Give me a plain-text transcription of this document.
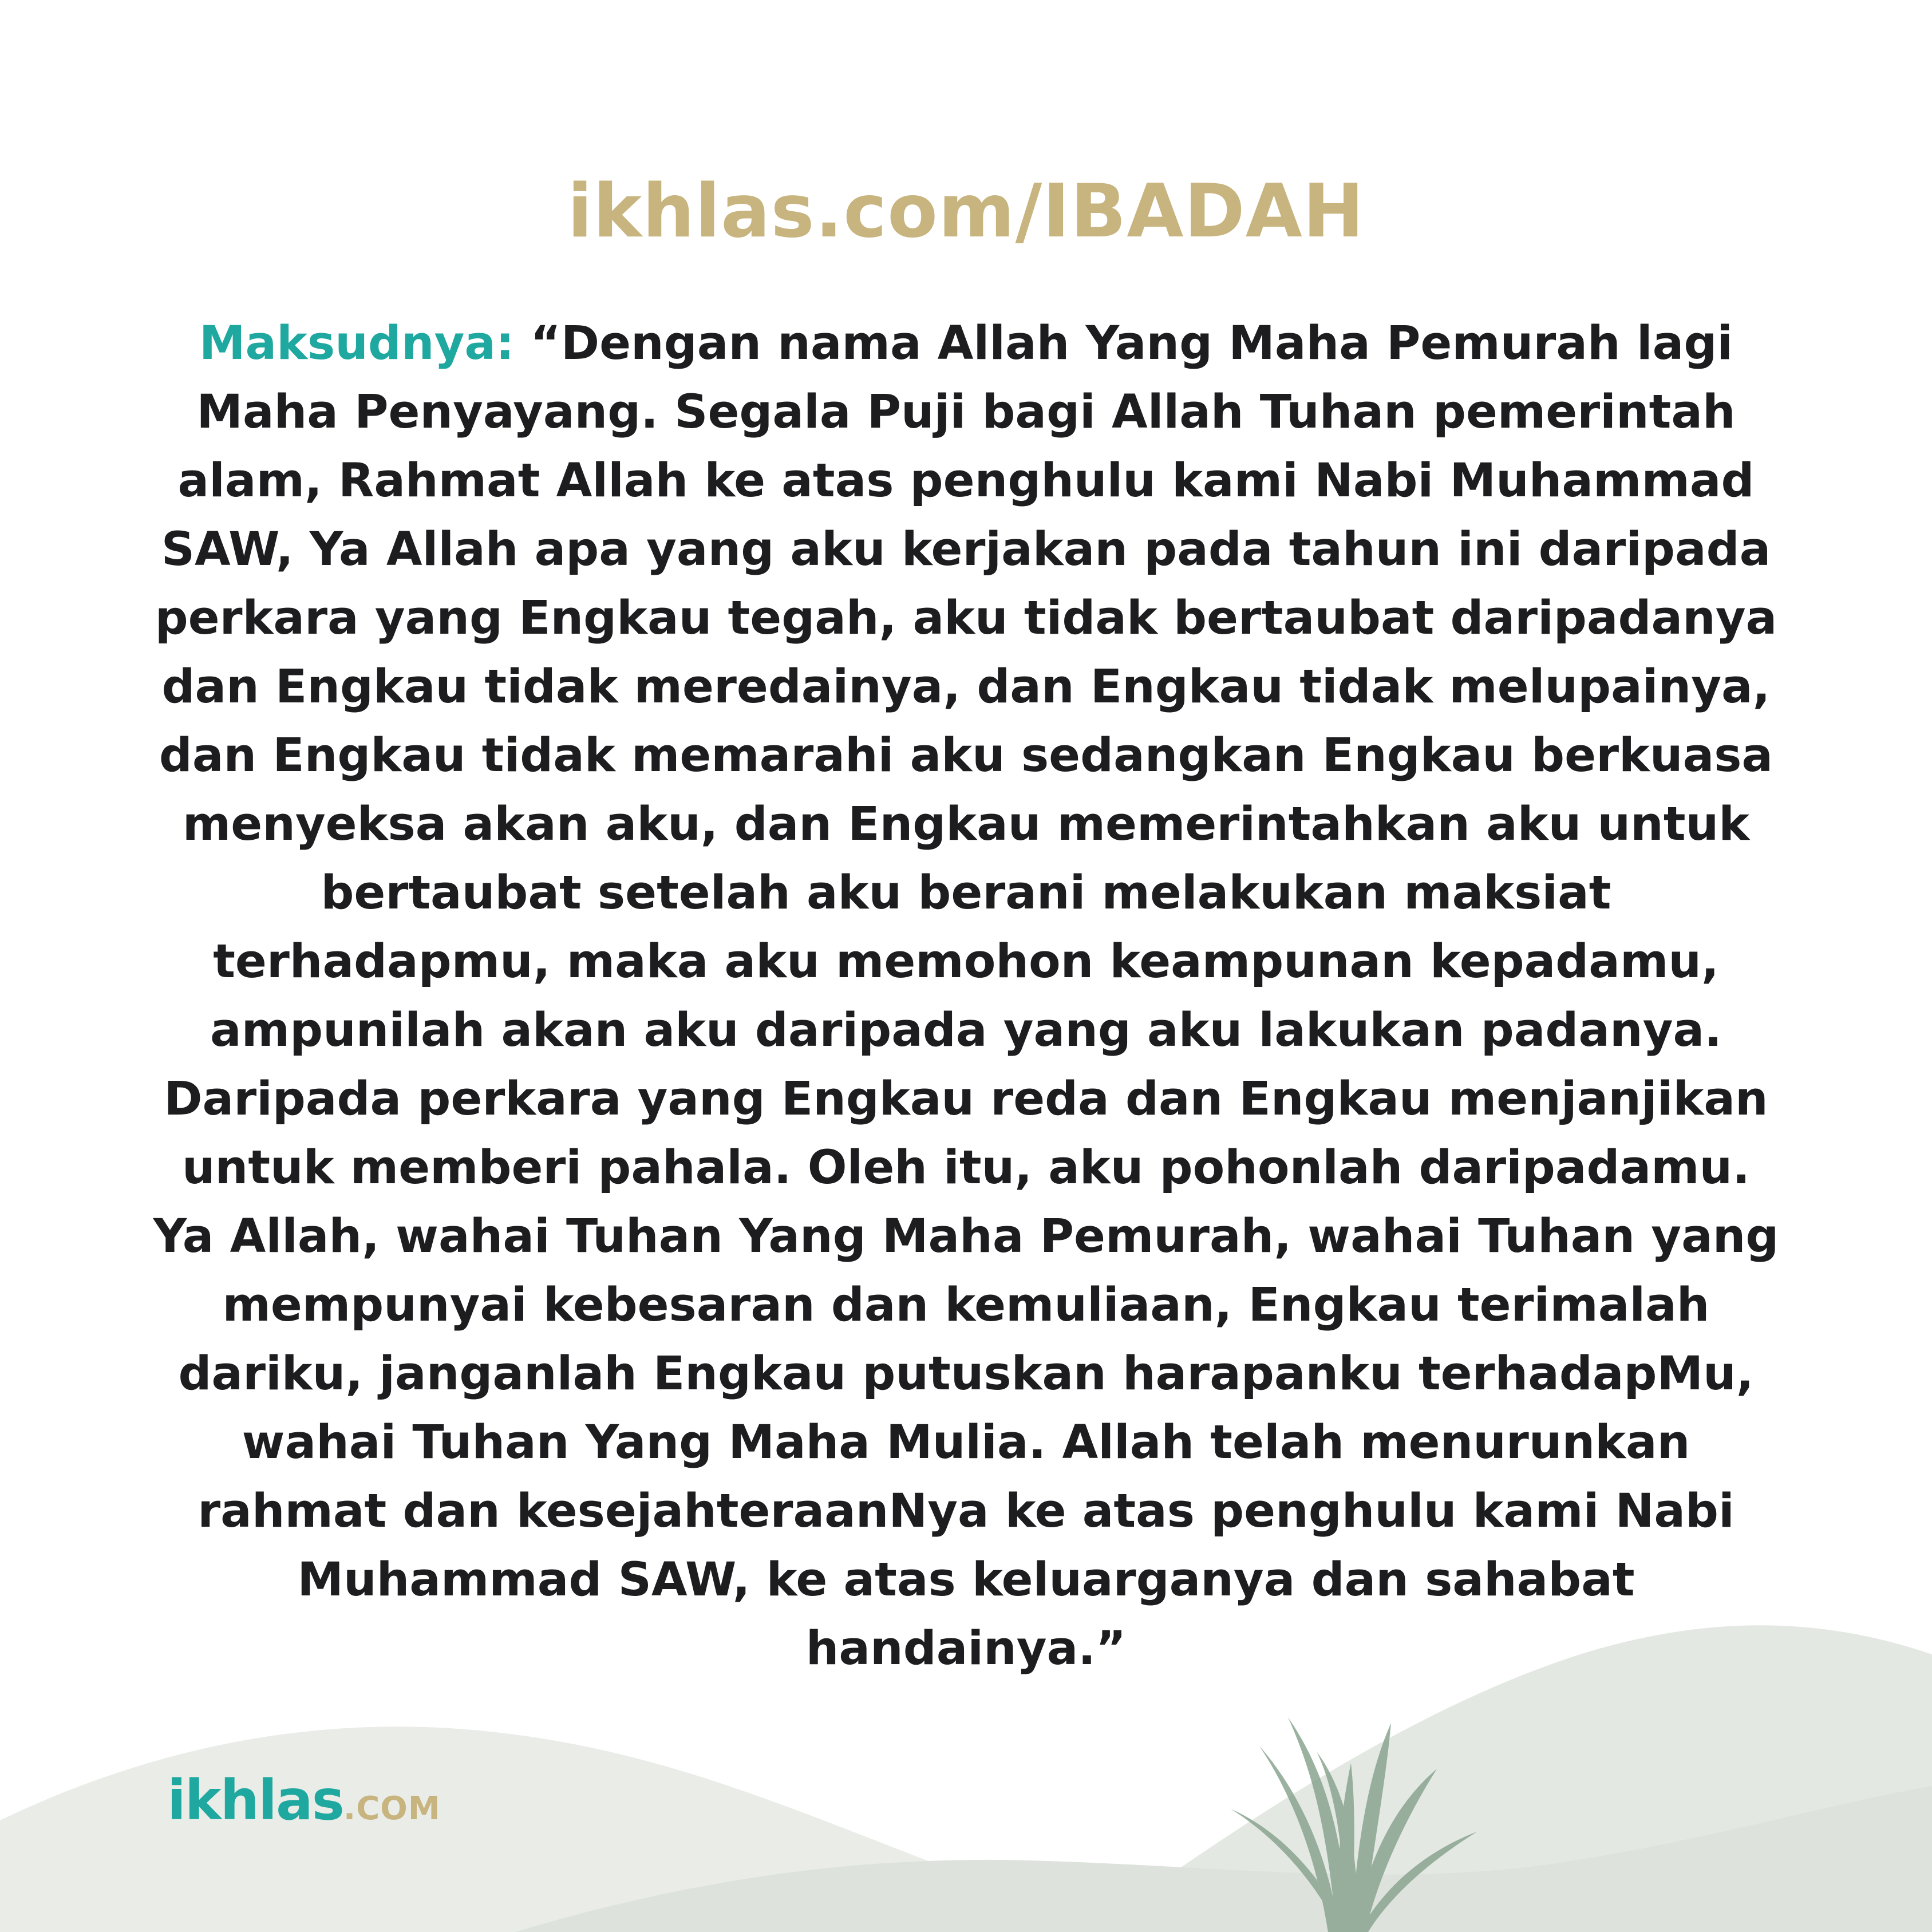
ikhlas.com/IBADAH
Maksudnya: “Dengan nama Allah Yang Maha Pemurah lagi Maha Penyayang. Segala Puji bagi Allah Tuhan pemerintah alam, Rahmat Allah ke atas penghulu kami Nabi Muhammad SAW, Ya Allah apa yang aku kerjakan pada tahun ini daripada perkara yang Engkau tegah, aku tidak bertaubat daripadanya dan Engkau tidak meredainya, dan Engkau tidak melupainya, dan Engkau tidak memarahi aku sedangkan Engkau berkuasa menyeksa akan aku, dan Engkau memerintahkan aku untuk bertaubat setelah aku berani melakukan maksiat terhadapmu, maka aku memohon keampunan kepadamu, ampunilah akan aku daripada yang aku lakukan padanya. Daripada perkara yang Engkau reda dan Engkau menjanjikan untuk memberi pahala. Oleh itu, aku pohonlah daripadamu. Ya Allah, wahai Tuhan Yang Maha Pemurah, wahai Tuhan yang mempunyai kebesaran dan kemuliaan, Engkau terimalah dariku, janganlah Engkau putuskan harapanku terhadapMu, wahai Tuhan Yang Maha Mulia. Allah telah menurunkan rahmat dan kesejahteraanNya ke atas penghulu kami Nabi Muhammad SAW, ke atas keluarganya dan sahabat handainya.”
ikhlas.COM
